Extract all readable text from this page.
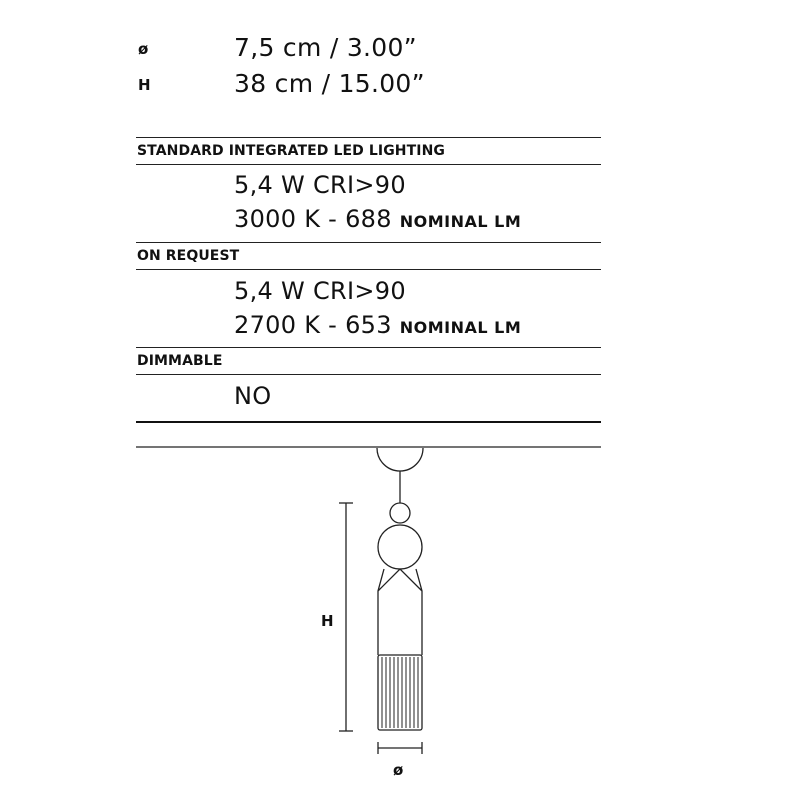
ø	7,5 cm / 3.00”
H	38 cm / 15.00”
STANDARD INTEGRATED LED LIGHTING
5,4 W CRI>90
3000 K - 688 NOMINAL LM
ON REQUEST
5,4 W CRI>90
2700 K - 653 NOMINAL LM
DIMMABLE
NO
H
ø
